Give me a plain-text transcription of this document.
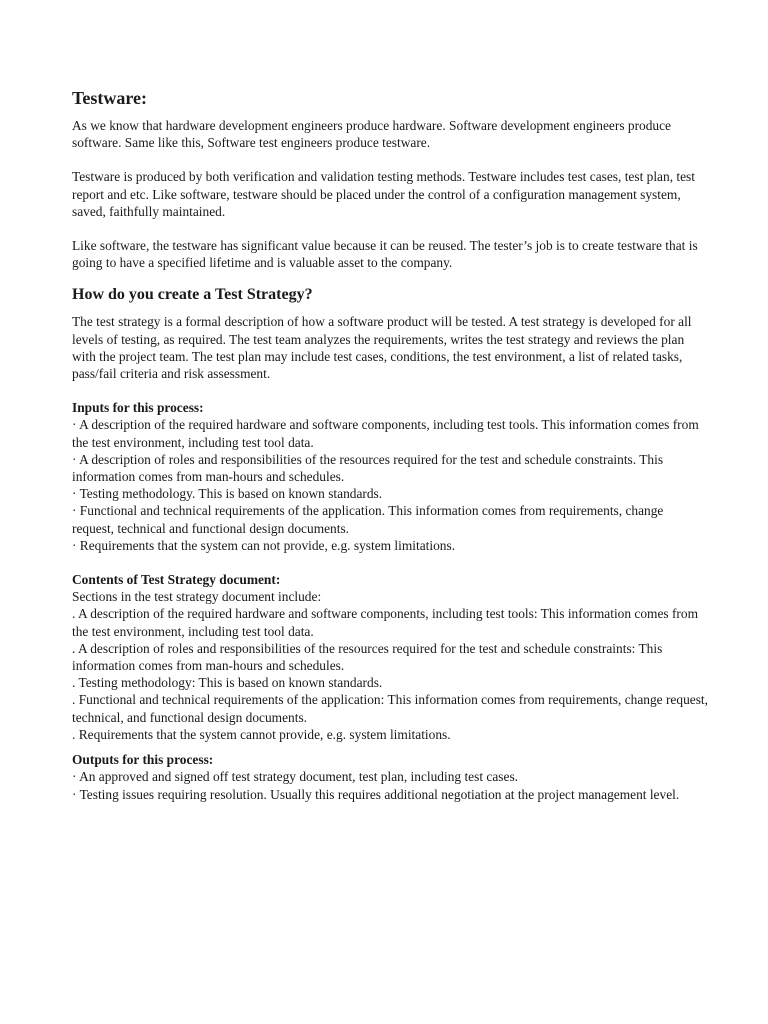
Testware:

As we know that hardware development engineers produce hardware. Software development engineers produce software. Same like this, Software test engineers produce testware.

Testware is produced by both verification and validation testing methods. Testware includes test cases, test plan, test report and etc. Like software, testware should be placed under the control of a configuration management system, saved, faithfully maintained.

Like software, the testware has significant value because it can be reused. The tester’s job is to create testware that is going to have a specified lifetime and is valuable asset to the company.

How do you create a Test Strategy?

The test strategy is a formal description of how a software product will be tested. A test strategy is developed for all levels of testing, as required. The test team analyzes the requirements, writes the test strategy and reviews the plan with the project team. The test plan may include test cases, conditions, the test environment, a list of related tasks, pass/fail criteria and risk assessment.

Inputs for this process:

· A description of the required hardware and software components, including test tools. This information comes from the test environment, including test tool data.

· A description of roles and responsibilities of the resources required for the test and schedule constraints. This information comes from man-hours and schedules.

· Testing methodology. This is based on known standards.

· Functional and technical requirements of the application. This information comes from requirements, change request, technical and functional design documents.

· Requirements that the system can not provide, e.g. system limitations.

Contents of Test Strategy document:

Sections in the test strategy document include:

. A description of the required hardware and software components, including test tools: This information comes from the test environment, including test tool data.

. A description of roles and responsibilities of the resources required for the test and schedule constraints: This information comes from man-hours and schedules.

. Testing methodology: This is based on known standards.

. Functional and technical requirements of the application: This information comes from requirements, change request, technical, and functional design documents.

. Requirements that the system cannot provide, e.g. system limitations.

Outputs for this process:

· An approved and signed off test strategy document, test plan, including test cases.

· Testing issues requiring resolution. Usually this requires additional negotiation at the project management level.
